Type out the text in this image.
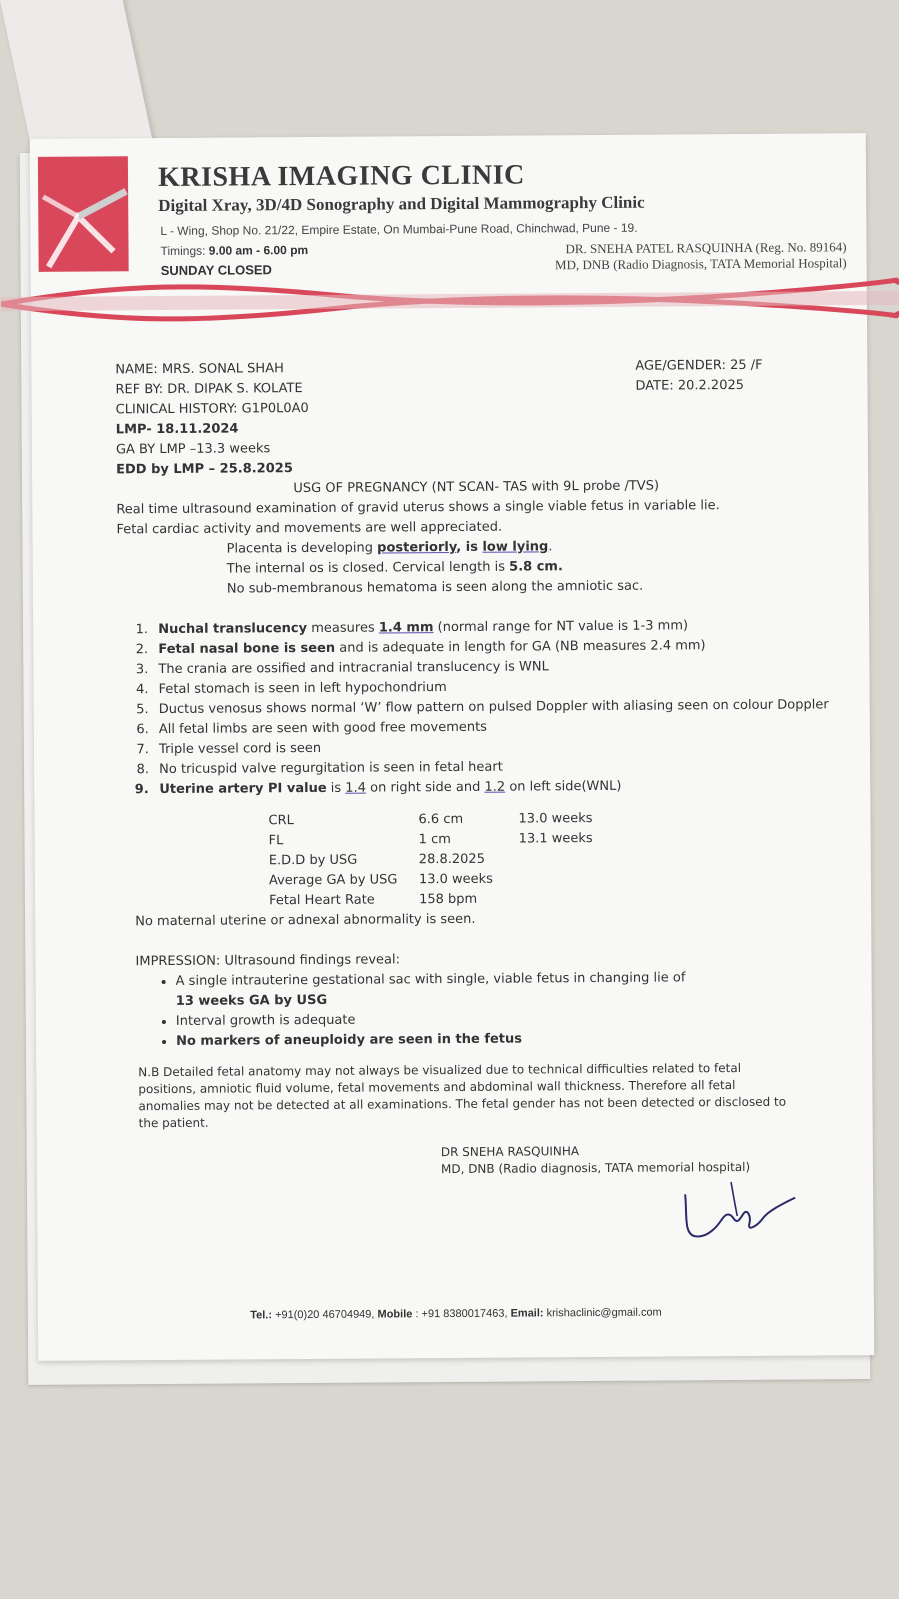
KRISHA IMAGING CLINIC
Digital Xray, 3D/4D Sonography and Digital Mammography Clinic
L - Wing, Shop No. 21/22, Empire Estate, On Mumbai-Pune Road, Chinchwad, Pune - 19.
Timings: 9.00 am - 6.00 pm
SUNDAY CLOSED
DR. SNEHA PATEL RASQUINHA (Reg. No. 89164)
MD, DNB (Radio Diagnosis, TATA Memorial Hospital)
NAME: MRS. SONAL SHAH	AGE/GENDER: 25 /F
REF BY: DR. DIPAK S. KOLATE	DATE: 20.2.2025
CLINICAL HISTORY: G1P0L0A0
LMP- 18.11.2024
GA BY LMP –13.3 weeks
EDD by LMP – 25.8.2025
USG OF PREGNANCY (NT SCAN- TAS with 9L probe /TVS)
Real time ultrasound examination of gravid uterus shows a single viable fetus in variable lie.
Fetal cardiac activity and movements are well appreciated.
Placenta is developing posteriorly, is low lying.
The internal os is closed. Cervical length is 5.8 cm.
No sub-membranous hematoma is seen along the amniotic sac.
1. Nuchal translucency measures 1.4 mm (normal range for NT value is 1-3 mm)
2. Fetal nasal bone is seen and is adequate in length for GA (NB measures 2.4 mm)
3. The crania are ossified and intracranial translucency is WNL
4. Fetal stomach is seen in left hypochondrium
5. Ductus venosus shows normal ‘W’ flow pattern on pulsed Doppler with aliasing seen on colour Doppler
6. All fetal limbs are seen with good free movements
7. Triple vessel cord is seen
8. No tricuspid valve regurgitation is seen in fetal heart
9. Uterine artery PI value is 1.4 on right side and 1.2 on left side(WNL)
CRL	6.6 cm	13.0 weeks
FL	1 cm	13.1 weeks
E.D.D by USG	28.8.2025
Average GA by USG 13.0 weeks
Fetal Heart Rate	158 bpm
No maternal uterine or adnexal abnormality is seen.
IMPRESSION: Ultrasound findings reveal:
• A single intrauterine gestational sac with single, viable fetus in changing lie of
13 weeks GA by USG
• Interval growth is adequate
• No markers of aneuploidy are seen in the fetus
N.B Detailed fetal anatomy may not always be visualized due to technical difficulties related to fetal positions, amniotic fluid volume, fetal movements and abdominal wall thickness. Therefore all fetal anomalies may not be detected at all examinations. The fetal gender has not been detected or disclosed to the patient.
DR SNEHA RASQUINHA
MD, DNB (Radio diagnosis, TATA memorial hospital)
Tel.: +91(0)20 46704949, Mobile : +91 8380017463, Email: krishaclinic@gmail.com
